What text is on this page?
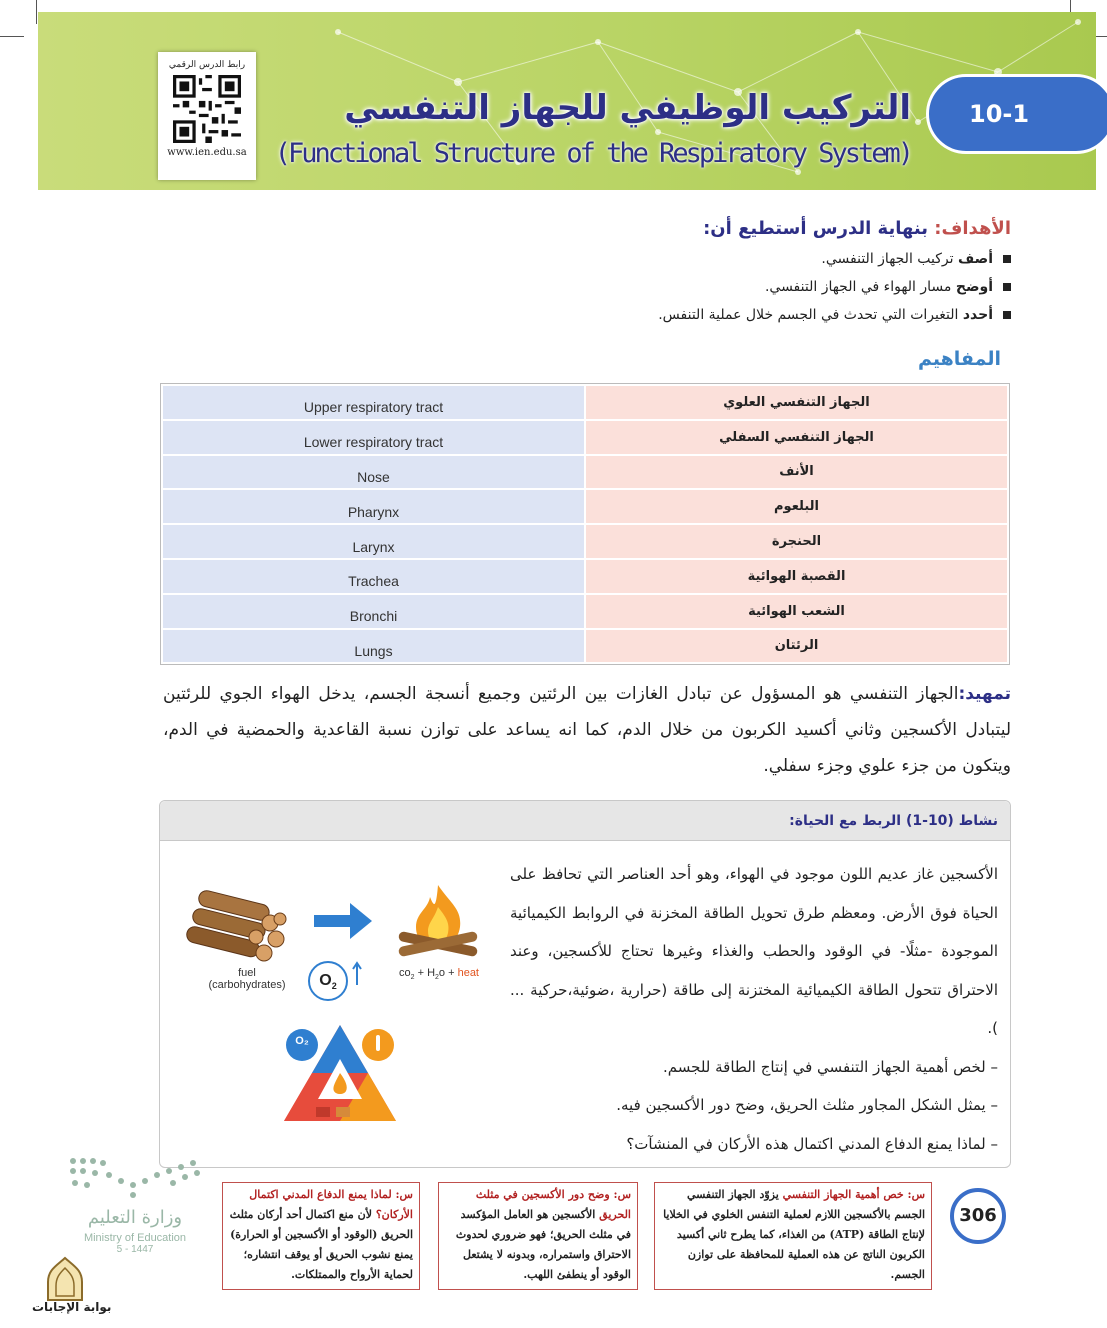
رابط الدرس الرقمي
www.ien.edu.sa
التركيب الوظيفي للجهاز التنفسي
(Functional Structure of the Respiratory System)
10-1
الأهداف: بنهاية الدرس أستطيع أن:
أصف تركيب الجهاز التنفسي.
أوضح مسار الهواء في الجهاز التنفسي.
أحدد التغيرات التي تحدث في الجسم خلال عملية التنفس.
المفاهيم
Upper respiratory tract	الجهاز التنفسي العلوي
Lower respiratory tract	الجهاز التنفسي السفلي
Nose	الأنف
Pharynx	البلعوم
Larynx	الحنجرة
Trachea	القصبة الهوائية
Bronchi	الشعب الهوائية
Lungs	الرئتان
تمهيد:الجهاز التنفسي هو المسؤول عن تبادل الغازات بين الرئتين وجميع أنسجة الجسم، يدخل الهواء الجوي للرئتين ليتبادل الأكسجين وثاني أكسيد الكربون من خلال الدم، كما انه يساعد على توازن نسبة القاعدية والحمضية في الدم، ويتكون من جزء علوي وجزء سفلي.
نشاط (10-1) الربط مع الحياة:
الأكسجين غاز عديم اللون موجود في الهواء، وهو أحد العناصر التي تحافظ على الحياة فوق الأرض. ومعظم طرق تحويل الطاقة المخزنة في الروابط الكيميائية الموجودة -مثلًا- في الوقود والحطب والغذاء وغيرها تحتاج للأكسجين، وعند الاحتراق تتحول الطاقة الكيميائية المختزنة إلى طاقة (حرارية ،ضوئية،حركية ... ).
– لخص أهمية الجهاز التنفسي في إنتاج الطاقة للجسم.
– يمثل الشكل المجاور مثلث الحريق، وضح دور الأكسجين فيه.
– لماذا يمنع الدفاع المدني اكتمال هذه الأركان في المنشآت؟
fuel
(carbohydrates)	$O_2$
$co_2 + H_2o$ + heat
O₂
وزارة التعليم
Ministry of Education
5 - 1447
بوابة الإجابات
س: لماذا يمنع الدفاع المدني اكتمال الأركان؟ لأن منع اكتمال أحد أركان مثلث الحريق (الوقود أو الأكسجين أو الحرارة) يمنع نشوب الحريق أو يوقف انتشاره؛ لحماية الأرواح والممتلكات.
س: وضح دور الأكسجين في مثلث الحريق الأكسجين هو العامل المؤكسد في مثلث الحريق؛ فهو ضروري لحدوث الاحتراق واستمراره، وبدونه لا يشتعل الوقود أو ينطفئ اللهب.
س: خص أهمية الجهاز التنفسي يزوّد الجهاز التنفسي الجسم بالأكسجين اللازم لعملية التنفس الخلوي في الخلايا لإنتاج الطاقة (ATP) من الغذاء، كما يطرح ثاني أكسيد الكربون الناتج عن هذه العملية للمحافظة على توازن الجسم.
306
